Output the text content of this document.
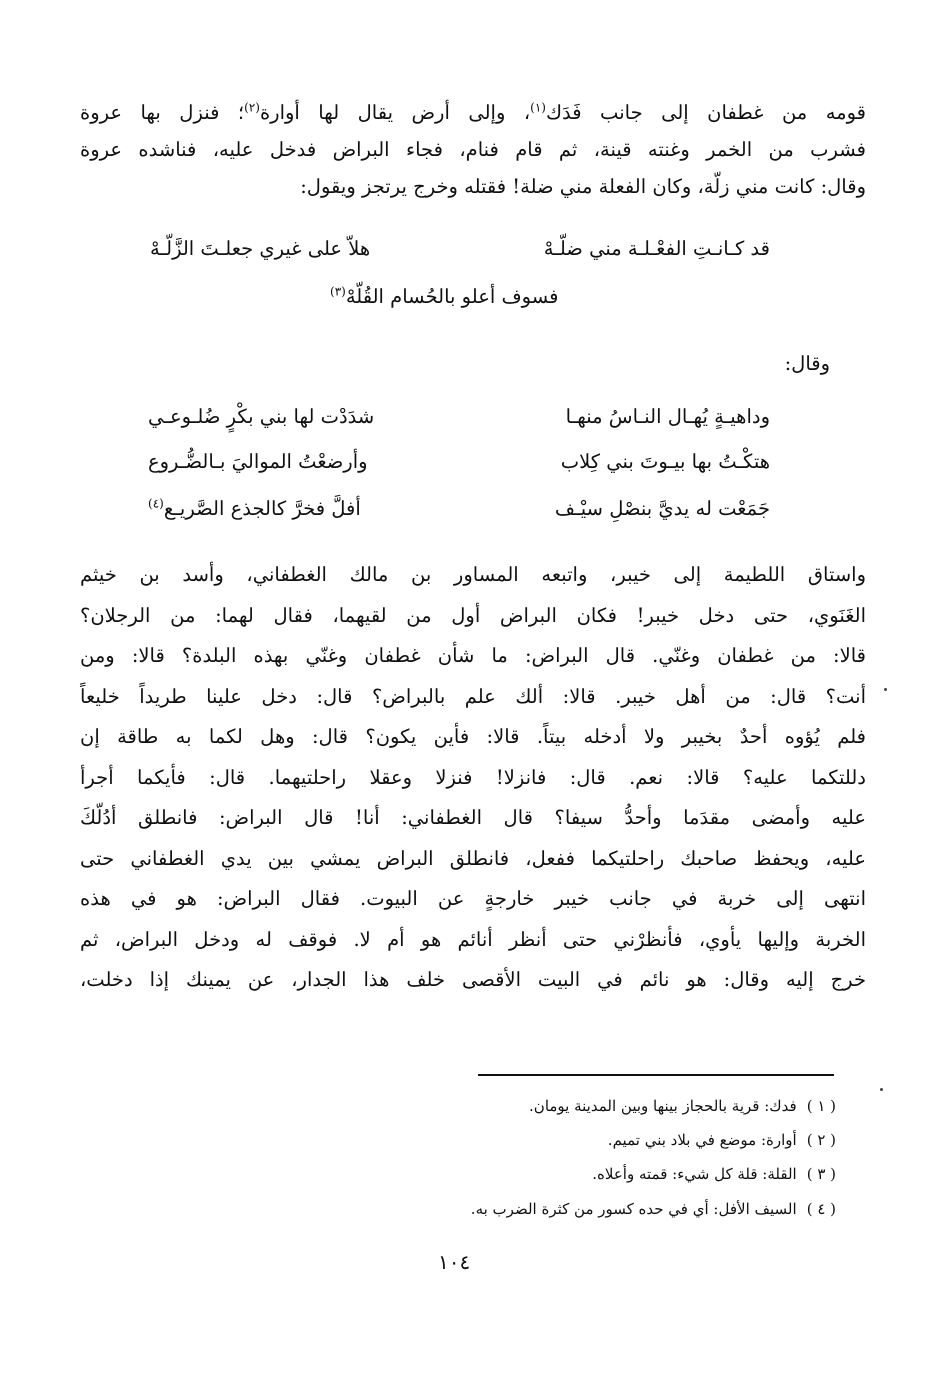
قومه من غطفان إلى جانب فَدَك$^{(١)}$، وإلى أرض يقال لها أوارة$^{(٢)}$؛ فنزل بها عروة

فشرب من الخمر وغنته قينة، ثم قام فنام، فجاء البراض فدخل عليه، فناشده عروة

وقال: كانت مني زلّة، وكان الفعلة مني ضلة! فقتله وخرج يرتجز ويقول:

قد كـانـتِ الفعْـلـة مني ضلّـهْ
هلاّ على غيري جعلـتَ الزَّلّـهْ
فسوف أعلو بالحُسام القُلّهْ$^{(٣)}$
وقال:
وداهيـةٍ يُهـال النـاسُ منهـا
شدَدْت لها بني بكْرٍ ضُلـوعـي
هتكْـتُ بها بيـوتَ بني كِلاب
وأرضعْتُ المواليَ بـالضُّـروع
جَمَعْت له يديَّ بنصْلِ سيْـف
أفلَّ فخرَّ كالجذع الصَّريـع$^{(٤)}$

واستاق اللطيمة إلى خيبر، واتبعه المساور بن مالك الغطفاني، وأسد بن خيثم

الغَنَوي، حتى دخل خيبر! فكان البراض أول من لقيهما، فقال لهما: من الرجلان؟

قالا: من غطفان وغنّي. قال البراض: ما شأن غطفان وغنّي بهذه البلدة؟ قالا: ومن

أنت؟ قال: من أهل خيبر. قالا: ألك علم بالبراض؟ قال: دخل علينا طريداً خليعاً

فلم يُؤوه أحدٌ بخيبر ولا أدخله بيتاً. قالا: فأين يكون؟ قال: وهل لكما به طاقة إن

دللتكما عليه؟ قالا: نعم. قال: فانزلا! فنزلا وعقلا راحلتيهما. قال: فأيكما أجرأ

عليه وأمضى مقدَما وأحدُّ سيفا؟ قال الغطفاني: أنا! قال البراض: فانطلق أدُلّكَ

عليه، ويحفظ صاحبك راحلتيكما ففعل، فانطلق البراض يمشي بين يدي الغطفاني حتى

انتهى إلى خربة في جانب خيبر خارجةٍ عن البيوت. فقال البراض: هو في هذه

الخربة وإليها يأوي، فأنظرْني حتى أنظر أنائم هو أم لا. فوقف له ودخل البراض، ثم

خرج إليه وقال: هو نائم في البيت الأقصى خلف هذا الجدار، عن يمينك إذا دخلت،

( ١ )فدك: قرية بالحجاز بينها وبين المدينة يومان.
( ٢ )أوارة: موضع في بلاد بني تميم.
( ٣ )القلة: قلة كل شيء: قمته وأعلاه.
( ٤ )السيف الأفل: أي في حده كسور من كثرة الضرب به.
١٠٤
